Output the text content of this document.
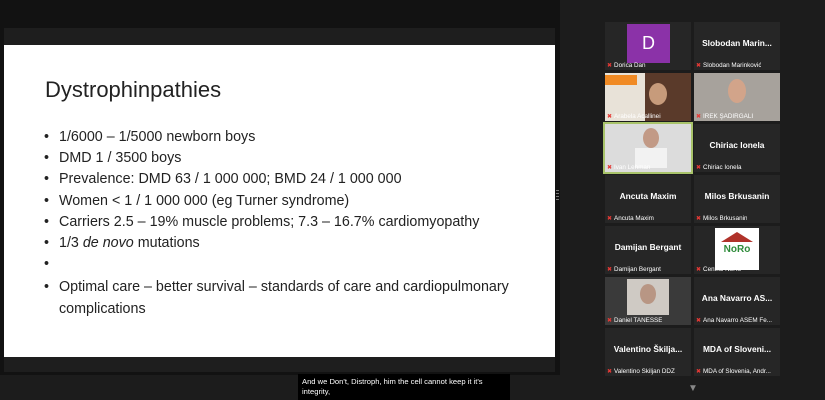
Dystrophinpathies
• 1/6000 – 1/5000 newborn boys
• DMD 1 / 3500 boys
• Prevalence: DMD 63 / 1 000 000; BMD 24 / 1 000 000
• Women < 1 / 1 000 000 (eg Turner syndrome)
• Carriers 2.5 – 19% muscle problems; 7.3 – 16.7% cardiomyopathy
• 1/3 de novo mutations
•

• Optimal care – better survival – standards of care and cardiopulmonary complications
And we Don't, Distroph, him the cell cannot keep it it's
integrity,	▼
D
✖ Dorica Dan
Slobodan Marin...
✖ Slobodan Marinković
✖ Arabela Acallinei	✖ İREK ŞADIRGALI
✖ Ivan Lehman
Chiriac Ionela
✖ Chiriac Ionela
Ancuta Maxim
✖ Ancuta Maxim
Milos Brkusanin
✖ Milos Brkusanin
Damijan Bergant
✖ Damijan Bergant
NoRo
✖ Central NoRo
✖ Daniel TANESSE
Ana Navarro AS...
✖ Ana Navarro ASEM Fe...
Valentino Škilja...
✖ Valentino Škiljan DDZ
MDA of Sloveni...
✖ MDA of Slovenia, Andr...
